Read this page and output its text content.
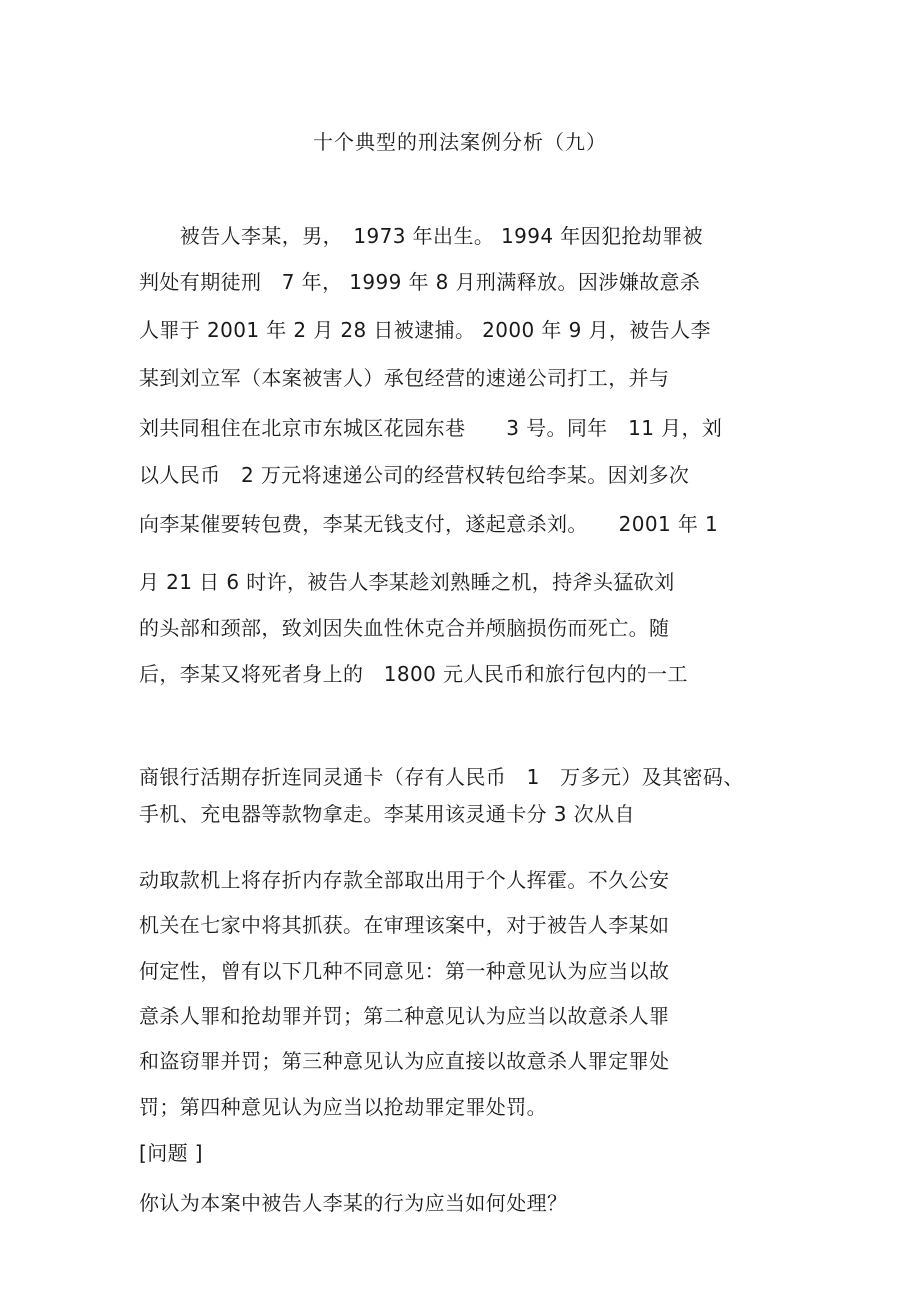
十个典型的刑法案例分析（九）
　　被告人李某，男，　1973 年出生。 1994 年因犯抢劫罪被
判处有期徒刑　7 年， 1999 年 8 月刑满释放。因涉嫌故意杀
人罪于 2001 年 2 月 28 日被逮捕。 2000 年 9 月，被告人李
某到刘立军（本案被害人）承包经营的速递公司打工，并与
刘共同租住在北京市东城区花园东巷　　3 号。同年　11 月，刘
以人民币　2 万元将速递公司的经营权转包给李某。因刘多次
向李某催要转包费，李某无钱支付，遂起意杀刘。　　2001 年 1
月 21 日 6 时许，被告人李某趁刘熟睡之机，持斧头猛砍刘
的头部和颈部，致刘因失血性休克合并颅脑损伤而死亡。随
后，李某又将死者身上的　1800 元人民币和旅行包内的一工
商银行活期存折连同灵通卡（存有人民币　1　万多元）及其密码、
手机、充电器等款物拿走。李某用该灵通卡分 3 次从自
动取款机上将存折内存款全部取出用于个人挥霍。不久公安
机关在七家中将其抓获。在审理该案中，对于被告人李某如
何定性，曾有以下几种不同意见：第一种意见认为应当以故
意杀人罪和抢劫罪并罚；第二种意见认为应当以故意杀人罪
和盗窃罪并罚；第三种意见认为应直接以故意杀人罪定罪处
罚；第四种意见认为应当以抢劫罪定罪处罚。
[问题 ]
你认为本案中被告人李某的行为应当如何处理？
